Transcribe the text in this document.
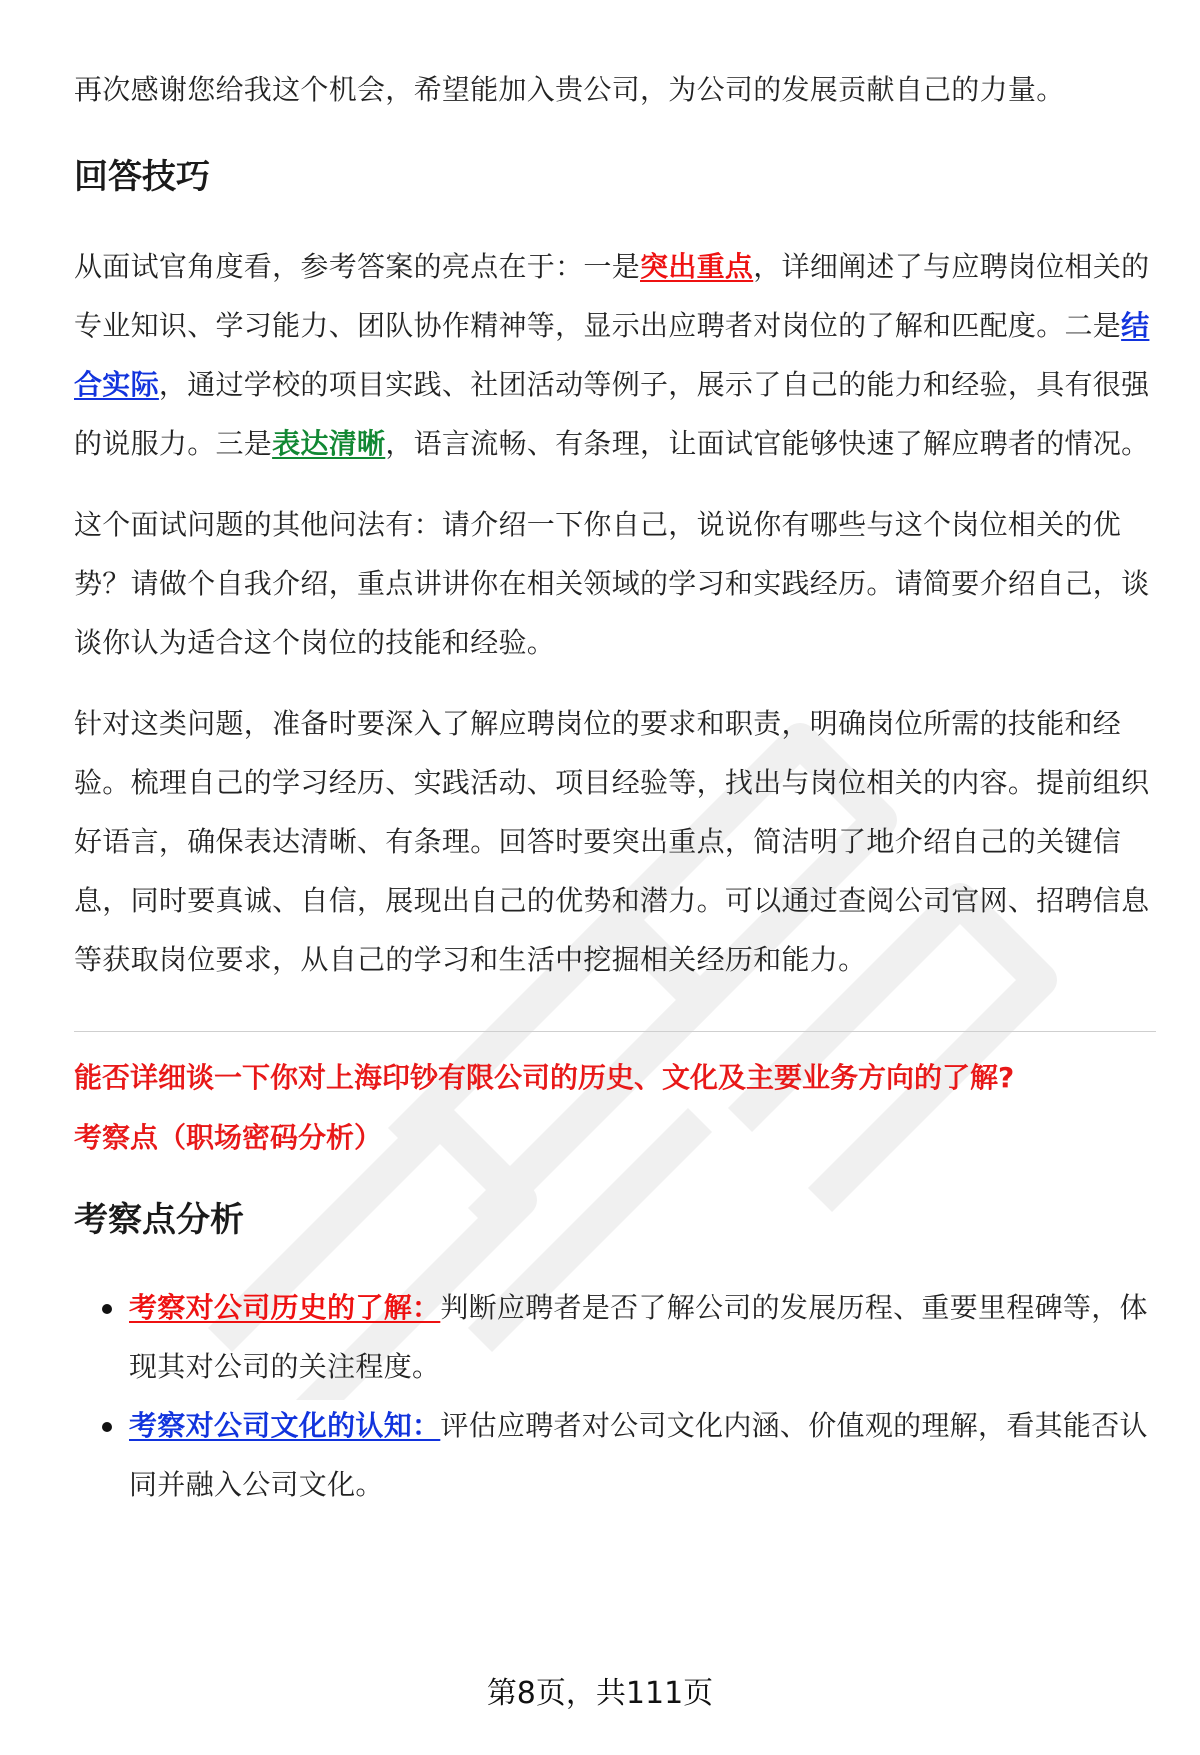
再次感谢您给我这个机会，希望能加入贵公司，为公司的发展贡献自己的力量。

回答技巧

从面试官角度看，参考答案的亮点在于：一是突出重点，详细阐述了与应聘岗位相关的专业知识、学习能力、团队协作精神等，显示出应聘者对岗位的了解和匹配度。二是结合实际，通过学校的项目实践、社团活动等例子，展示了自己的能力和经验，具有很强的说服力。三是表达清晰，语言流畅、有条理，让面试官能够快速了解应聘者的情况。

这个面试问题的其他问法有：请介绍一下你自己，说说你有哪些与这个岗位相关的优势？请做个自我介绍，重点讲讲你在相关领域的学习和实践经历。请简要介绍自己，谈谈你认为适合这个岗位的技能和经验。

针对这类问题，准备时要深入了解应聘岗位的要求和职责，明确岗位所需的技能和经验。梳理自己的学习经历、实践活动、项目经验等，找出与岗位相关的内容。提前组织好语言，确保表达清晰、有条理。回答时要突出重点，简洁明了地介绍自己的关键信息，同时要真诚、自信，展现出自己的优势和潜力。可以通过查阅公司官网、招聘信息等获取岗位要求，从自己的学习和生活中挖掘相关经历和能力。

能否详细谈一下你对上海印钞有限公司的历史、文化及主要业务方向的了解?

考察点（职场密码分析）

考察点分析
考察对公司历史的了解：判断应聘者是否了解公司的发展历程、重要里程碑等，体现其对公司的关注程度。
考察对公司文化的认知：评估应聘者对公司文化内涵、价值观的理解，看其能否认同并融入公司文化。
第8页，共111页
